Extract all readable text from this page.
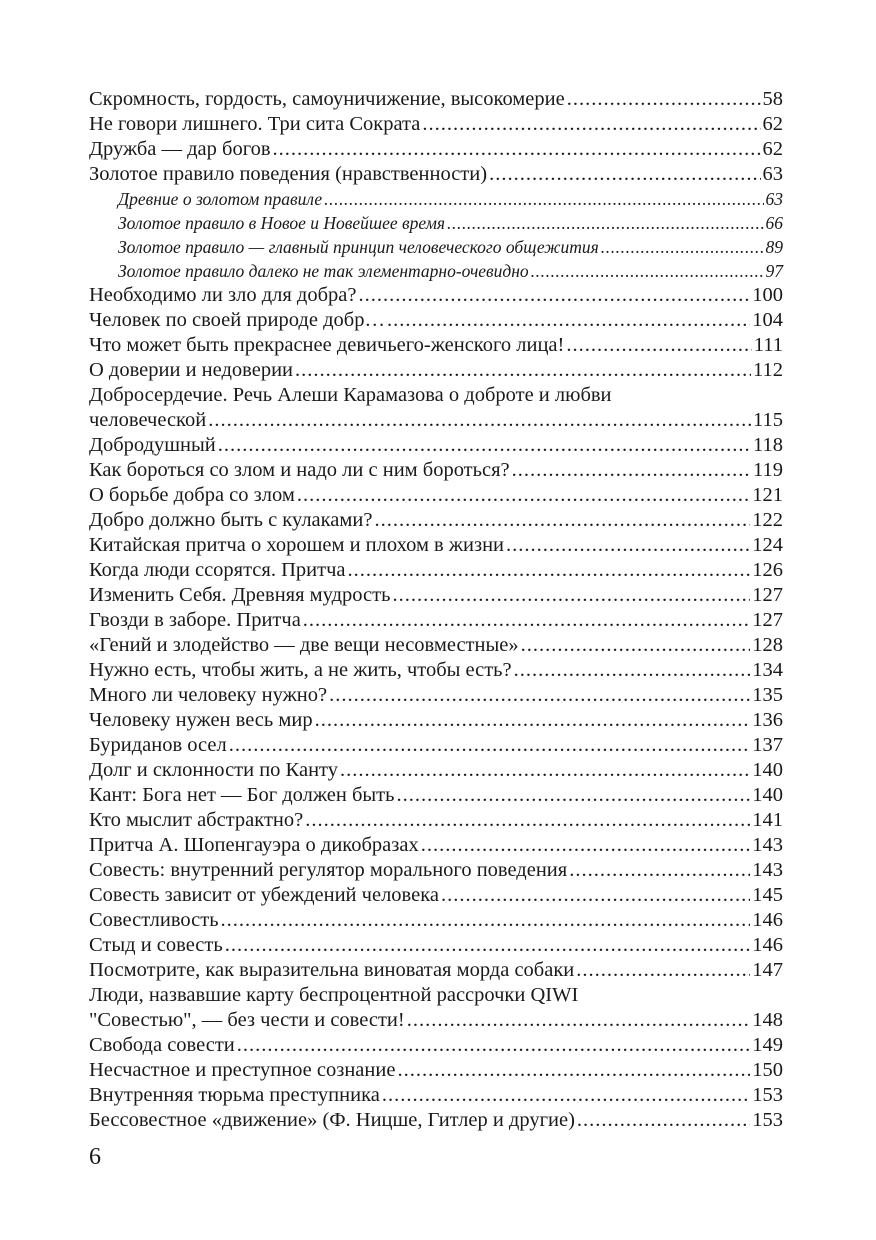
Скромность, гордость, самоуничижение, высокомерие .....	58
Не говори лишнего. Три сита Сократа .....	62
Дружба — дар богов .....	62
Золотое правило поведения (нравственности) .....	63
Древние о золотом правиле .....	63
Золотое правило в Новое и Новейшее время .....	66
Золотое правило — главный принцип человеческого общежития .....	89
Золотое правило далеко не так элементарно-очевидно .....	97
Необходимо ли зло для добра? .....	100
Человек по своей природе добр… .....	104
Что может быть прекраснее девичьего-женского лица! .....	111
О доверии и недоверии .....	112
Добросердечие. Речь Алеши Карамазова о доброте и любви
человеческой .....	115
Добродушный .....	118
Как бороться со злом и надо ли с ним бороться? .....	119
О борьбе добра со злом .....	121
Добро должно быть с кулаками? .....	122
Китайская притча о хорошем и плохом в жизни .....	124
Когда люди ссорятся. Притча .....	126
Изменить Себя. Древняя мудрость .....	127
Гвозди в заборе. Притча .....	127
«Гений и злодейство — две вещи несовместные» .....	128
Нужно есть, чтобы жить, а не жить, чтобы есть? .....	134
Много ли человеку нужно? .....	135
Человеку нужен весь мир .....	136
Буриданов осел .....	137
Долг и склонности по Канту .....	140
Кант: Бога нет — Бог должен быть .....	140
Кто мыслит абстрактно? .....	141
Притча А. Шопенгауэра о дикобразах .....	143
Совесть: внутренний регулятор морального поведения .....	143
Совесть зависит от убеждений человека .....	145
Совестливость .....	146
Стыд и совесть .....	146
Посмотрите, как выразительна виноватая морда собаки .....	147
Люди, назвавшие карту беспроцентной рассрочки QIWI
"Совестью", — без чести и совести! .....	148
Свобода совести .....	149
Несчастное и преступное сознание .....	150
Внутренняя тюрьма преступника .....	153
Бессовестное «движение» (Ф. Ницше, Гитлер и другие) .....	153
6
